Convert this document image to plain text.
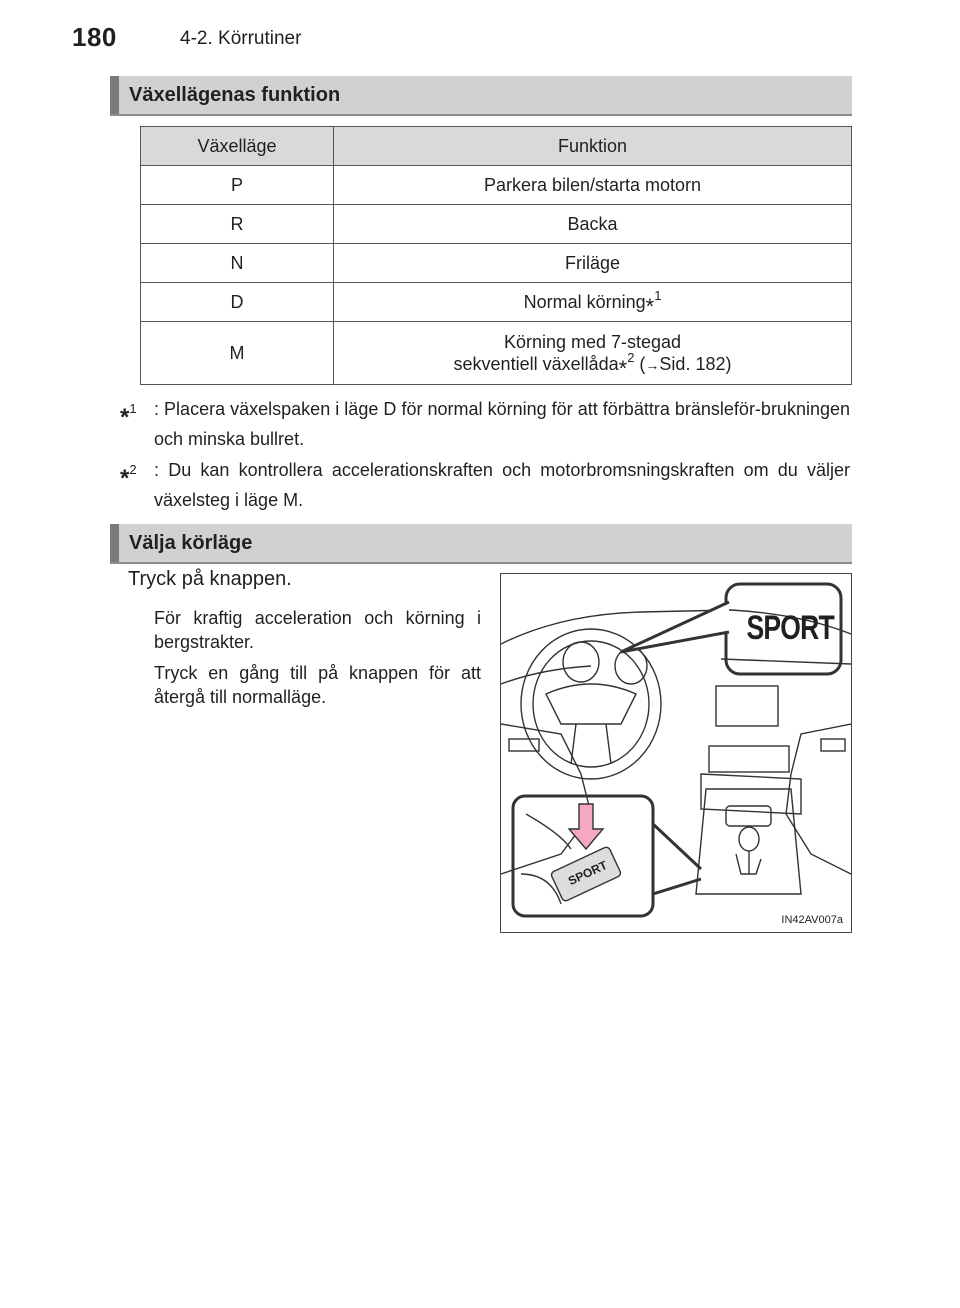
180	4-2. Körrutiner
Växellägenas funktion
Växelläge	Funktion
P	Parkera bilen/starta motorn
R	Backa
N	Friläge
D	Normal körning$^{*1}$
M	Körning med 7-stegad
sekventiell växellåda$^{*2}$ (→Sid. 182)
*$^1$ : Placera växelspaken i läge D för normal körning för att förbättra bränsleför-brukningen och minska bullret.
*$^2$ : Du kan kontrollera accelerationskraften och motorbromsningskraften om du väljer växelsteg i läge M.
Välja körläge
Tryck på knappen.
För kraftig acceleration och körning i bergstrakter.
Tryck en gång till på knappen för att återgå till normalläge.
SPORT
SPORT
IN42AV007a
